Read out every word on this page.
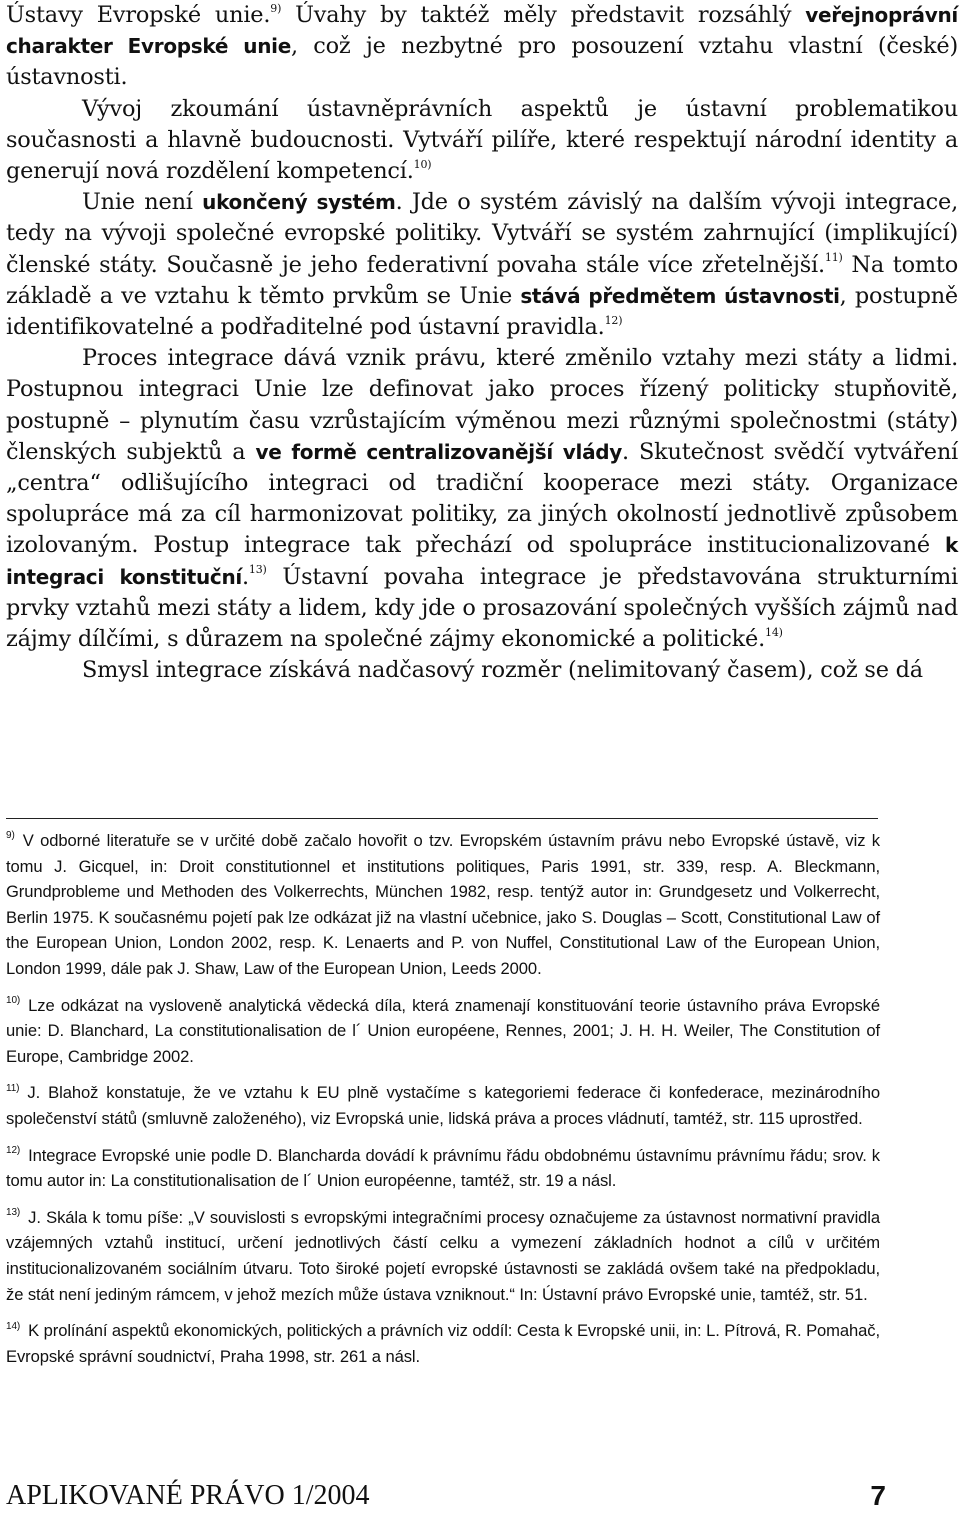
Ústavy Evropské unie.$^{9)}$ Úvahy by taktéž měly představit rozsáhlý veřejnoprávní charakter Evropské unie, což je nezbytné pro posouzení vztahu vlastní (české) ústavnosti.

Vývoj zkoumání ústavněprávních aspektů je ústavní problematikou současnosti a hlavně budoucnosti. Vytváří pilíře, které respektují národní identity a generují nová rozdělení kompetencí.$^{10)}$

Unie není ukončený systém. Jde o systém závislý na dalším vývoji integrace, tedy na vývoji společné evropské politiky. Vytváří se systém zahrnující (implikující) členské státy. Současně je jeho federativní povaha stále více zřetelnější.$^{11)}$ Na tomto základě a ve vztahu k těmto prvkům se Unie stává předmětem ústavnosti, postupně identifikovatelné a podřaditelné pod ústavní pravidla.$^{12)}$

Proces integrace dává vznik právu, které změnilo vztahy mezi státy a lidmi. Postupnou integraci Unie lze definovat jako proces řízený politicky stupňovitě, postupně – plynutím času vzrůstajícím výměnou mezi různými společnostmi (státy) členských subjektů a ve formě centralizovanější vlády. Skutečnost svědčí vytváření „centra“ odlišujícího integraci od tradiční kooperace mezi státy. Organizace spolupráce má za cíl harmonizovat politiky, za jiných okolností jednotlivě způsobem izolovaným. Postup integrace tak přechází od spolupráce institucionalizované k integraci konstituční.$^{13)}$ Ústavní povaha integrace je představována strukturními prvky vztahů mezi státy a lidem, kdy jde o prosazování společných vyšších zájmů nad zájmy dílčími, s důrazem na společné zájmy ekonomické a politické.$^{14)}$

Smysl integrace získává nadčasový rozměr (nelimitovaný časem), což se dá

$^{9)}$ V odborné literatuře se v určité době začalo hovořit o tzv. Evropském ústavním právu nebo Evropské ústavě, viz k tomu J. Gicquel, in: Droit constitutionnel et institutions politiques, Paris 1991, str. 339, resp. A. Bleckmann, Grundprobleme und Methoden des Volkerrechts, München 1982, resp. tentýž autor in: Grundgesetz und Volkerrecht, Berlin 1975. K současnému pojetí pak lze odkázat již na vlastní učebnice, jako S. Douglas – Scott, Constitutional Law of the European Union, London 2002, resp. K. Lenaerts and P. von Nuffel, Constitutional Law of the European Union, London 1999, dále pak J. Shaw, Law of the European Union, Leeds 2000.

$^{10)}$ Lze odkázat na vysloveně analytická vědecká díla, která znamenají konstituování teorie ústavního práva Evropské unie: D. Blanchard, La constitutionalisation de l´ Union européene, Rennes, 2001; J. H. H. Weiler, The Constitution of Europe, Cambridge 2002.

$^{11)}$ J. Blahož konstatuje, že ve vztahu k EU plně vystačíme s kategoriemi federace či konfederace, mezinárodního společenství států (smluvně založeného), viz Evropská unie, lidská práva a proces vládnutí, tamtéž, str. 115 uprostřed.

$^{12)}$ Integrace Evropské unie podle D. Blancharda dovádí k právnímu řádu obdobnému ústavnímu právnímu řádu; srov. k tomu autor in: La constitutionalisation de l´ Union européenne, tamtéž, str. 19 a násl.

$^{13)}$ J. Skála k tomu píše: „V souvislosti s evropskými integračními procesy označujeme za ústavnost normativní pravidla vzájemných vztahů institucí, určení jednotlivých částí celku a vymezení základních hodnot a cílů v určitém institucionalizovaném sociálním útvaru. Toto široké pojetí evropské ústavnosti se zakládá ovšem také na předpokladu, že stát není jediným rámcem, v jehož mezích může ústava vzniknout.“ In: Ústavní právo Evropské unie, tamtéž, str. 51.

$^{14)}$ K prolínání aspektů ekonomických, politických a právních viz oddíl: Cesta k Evropské unii, in: L. Pítrová, R. Pomahač, Evropské správní soudnictví, Praha 1998, str. 261 a násl.

APLIKOVANÉ PRÁVO 1/2004	7
